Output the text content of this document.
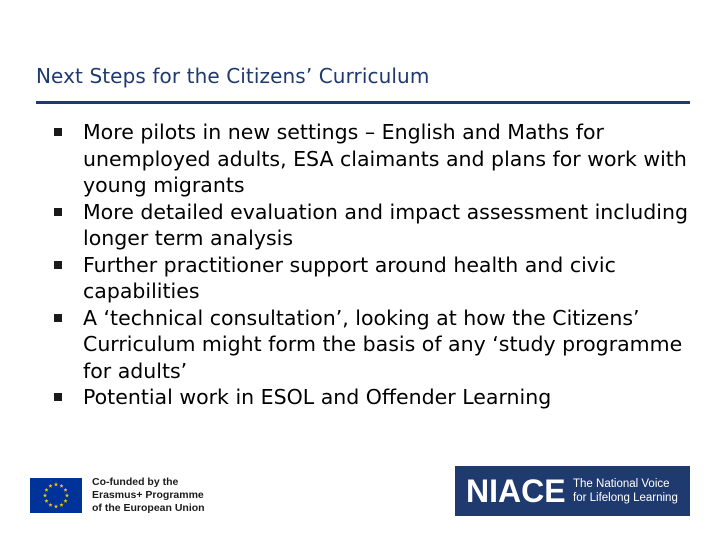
Next Steps for the Citizens’ Curriculum
More pilots in new settings – English and Maths for unemployed adults, ESA claimants and plans for work with young migrants
More detailed evaluation and impact assessment including longer term analysis
Further practitioner support around health and civic capabilities
A ‘technical consultation’, looking at how the Citizens’ Curriculum might form the basis of any ‘study programme for adults’
Potential work in ESOL and Offender Learning
Co-funded by the
Erasmus+ Programme
of the European Union	NIACE The National Voice
for Lifelong Learning
